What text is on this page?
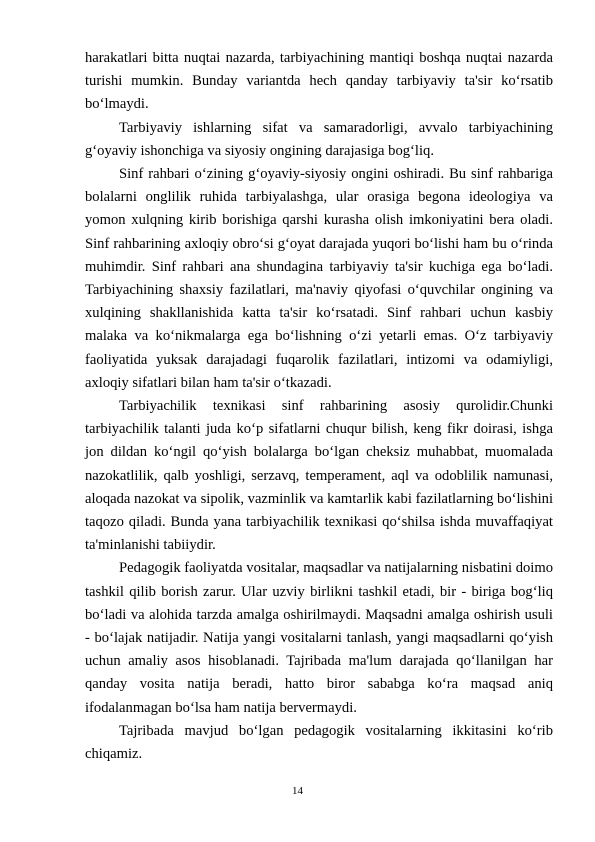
harakatlari bitta nuqtai nazarda, tarbiyachining mantiqi boshqa nuqtai nazarda turishi mumkin. Bunday variantda hech qanday tarbiyaviy ta'sir ko‘rsatib bo‘lmaydi.

Tarbiyaviy ishlarning sifat va samaradorligi, avvalo tarbiyachining g‘oyaviy ishonchiga va siyosiy ongining darajasiga bog‘liq.

Sinf rahbari o‘zining g‘oyaviy-siyosiy ongini oshiradi. Bu sinf rahbariga bolalarni onglilik ruhida tarbiyalashga, ular orasiga begona ideologiya va yomon xulqning kirib borishiga qarshi kurasha olish imkoniyatini bera oladi. Sinf rahbarining axloqiy obro‘si g‘oyat darajada yuqori bo‘lishi ham bu o‘rinda muhimdir. Sinf rahbari ana shundagina tarbiyaviy ta'sir kuchiga ega bo‘ladi. Tarbiyachining shaxsiy fazilatlari, ma'naviy qiyofasi o‘quvchilar ongining va xulqining shakllanishida katta ta'sir ko‘rsatadi. Sinf rahbari uchun kasbiy malaka va ko‘nikmalarga ega bo‘lishning o‘zi yetarli emas. O‘z tarbiyaviy faoliyatida yuksak darajadagi fuqarolik fazilatlari, intizomi va odamiyligi, axloqiy sifatlari bilan ham ta'sir o‘tkazadi.

Tarbiyachilik texnikasi sinf rahbarining asosiy qurolidir.Chunki tarbiyachilik talanti juda ko‘p sifatlarni chuqur bilish, keng fikr doirasi, ishga jon dildan ko‘ngil qo‘yish bolalarga bo‘lgan cheksiz muhabbat, muomalada nazokatlilik, qalb yoshligi, serzavq, temperament, aql va odoblilik namunasi, aloqada nazokat va sipolik, vazminlik va kamtarlik kabi fazilatlarning bo‘lishini taqozo qiladi. Bunda yana tarbiyachilik texnikasi qo‘shilsa ishda muvaffaqiyat ta'minlanishi tabiiydir.

Pedagogik faoliyatda vositalar, maqsadlar va natijalarning nisbatini doimo tashkil qilib borish zarur. Ular uzviy birlikni tashkil etadi, bir - biriga bog‘liq bo‘ladi va alohida tarzda amalga oshirilmaydi. Maqsadni amalga oshirish usuli - bo‘lajak natijadir. Natija yangi vositalarni tanlash, yangi maqsadlarni qo‘yish uchun amaliy asos hisoblanadi. Tajribada ma'lum darajada qo‘llanilgan har qanday vosita natija beradi, hatto biror sababga ko‘ra maqsad aniq ifodalanmagan bo‘lsa ham natija bervermaydi.

Tajribada mavjud bo‘lgan pedagogik vositalarning ikkitasini ko‘rib chiqamiz.

14
